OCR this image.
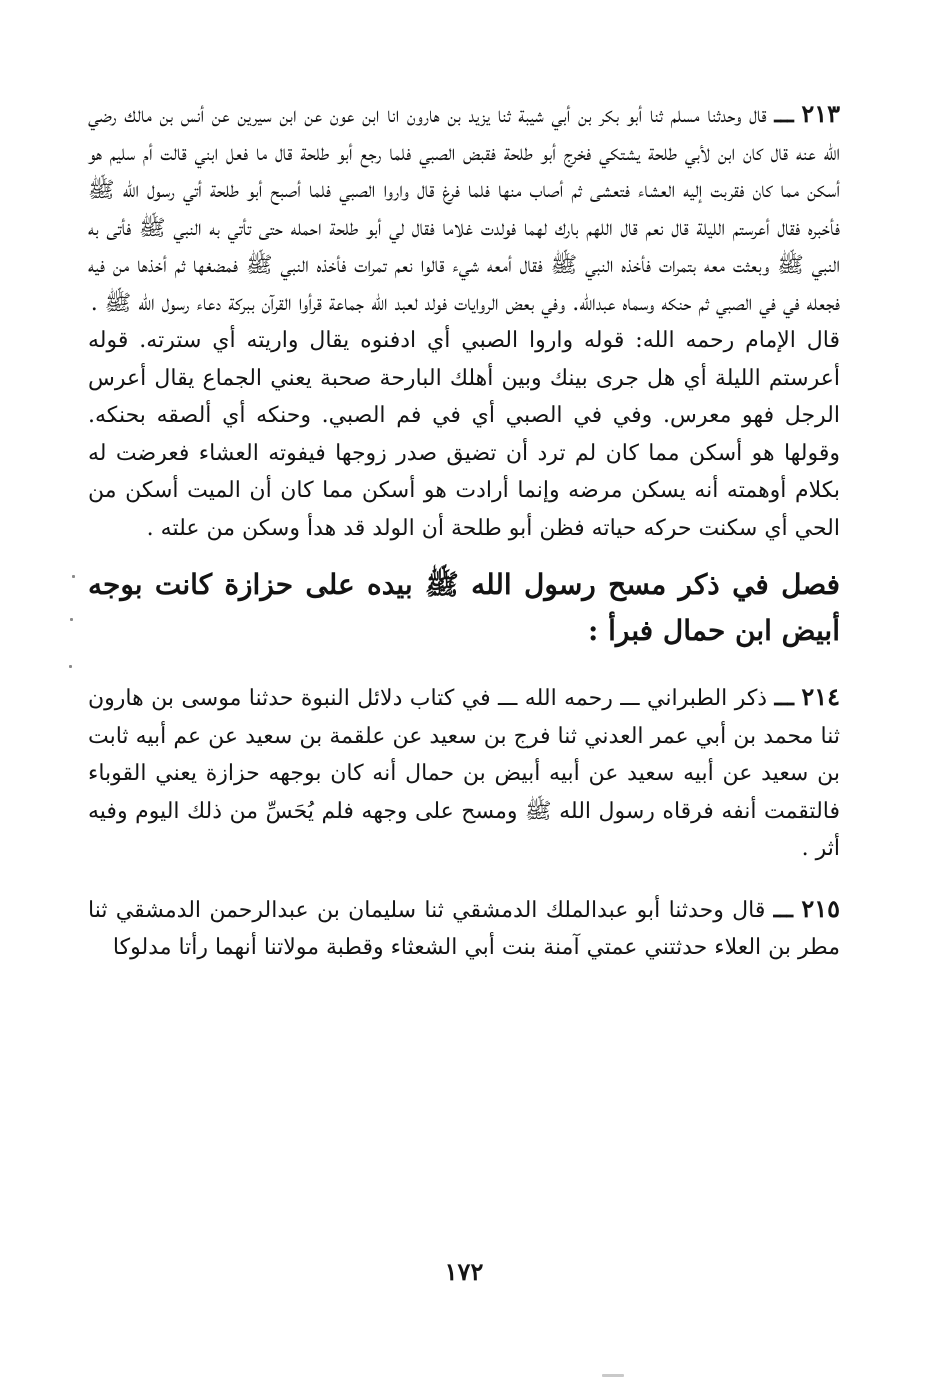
٢١٣ ـــ قال وحدثنا مسلم ثنا أبو بكر بن أبي شيبة ثنا يزيد بن هارون انا ابن عون عن ابن سيرين عن أنس بن مالك رضي الله عنه قال كان ابن لأبي طلحة يشتكي فخرج أبو طلحة فقبض الصبي فلما رجع أبو طلحة قال ما فعل ابني قالت أم سليم هو أسكن مما كان فقربت إليه العشاء فتعشى ثم أصاب منها فلما فرغ قال واروا الصبي فلما أصبح أبو طلحة أتي رسول الله ﷺ فأخبره فقال أعرستم الليلة قال نعم قال اللهم بارك لهما فولدت غلاما فقال لي أبو طلحة احمله حتى تأتي به النبي ﷺ فأتى به النبي ﷺ وبعثت معه بتمرات فأخذه النبي ﷺ فقال أمعه شيء قالوا نعم تمرات فأخذه النبي ﷺ فمضغها ثم أخذها من فيه فجعله في في الصبي ثم حنكه وسماه عبدالله. وفي بعض الروايات فولد لعبد الله جماعة قرأوا القرآن ببركة دعاء رسول الله ﷺ .

قال الإمام رحمه الله: قوله واروا الصبي أي ادفنوه يقال واريته أي سترته. قوله أعرستم الليلة أي هل جرى بينك وبين أهلك البارحة صحبة يعني الجماع يقال أعرس الرجل فهو معرس. وفي في الصبي أي في فم الصبي. وحنكه أي ألصقه بحنكه. وقولها هو أسكن مما كان لم ترد أن تضيق صدر زوجها فيفوته العشاء فعرضت له بكلام أوهمته أنه يسكن مرضه وإنما أرادت هو أسكن مما كان أن الميت أسكن من الحي أي سكنت حركه حياته فظن أبو طلحة أن الولد قد هدأ وسكن من علته .

فصل في ذكر مسح رسول الله ﷺ بيده على حزازة كانت بوجه أبيض ابن حمال فبرأ :

٢١٤ ـــ ذكر الطبراني ـــ رحمه الله ـــ في كتاب دلائل النبوة حدثنا موسى بن هارون ثنا محمد بن أبي عمر العدني ثنا فرج بن سعيد عن علقمة بن سعيد عن عم أبيه ثابت بن سعيد عن أبيه سعيد عن أبيه أبيض بن حمال أنه كان بوجهه حزازة يعني القوباء فالتقمت أنفه فرقاه رسول الله ﷺ ومسح على وجهه فلم يُحَسِّ من ذلك اليوم وفيه أثر .

٢١٥ ـــ قال وحدثنا أبو عبدالملك الدمشقي ثنا سليمان بن عبدالرحمن الدمشقي ثنا مطر بن العلاء حدثتني عمتي آمنة بنت أبي الشعثاء وقطبة مولاتنا أنهما رأتا مدلوكا

١٧٢
